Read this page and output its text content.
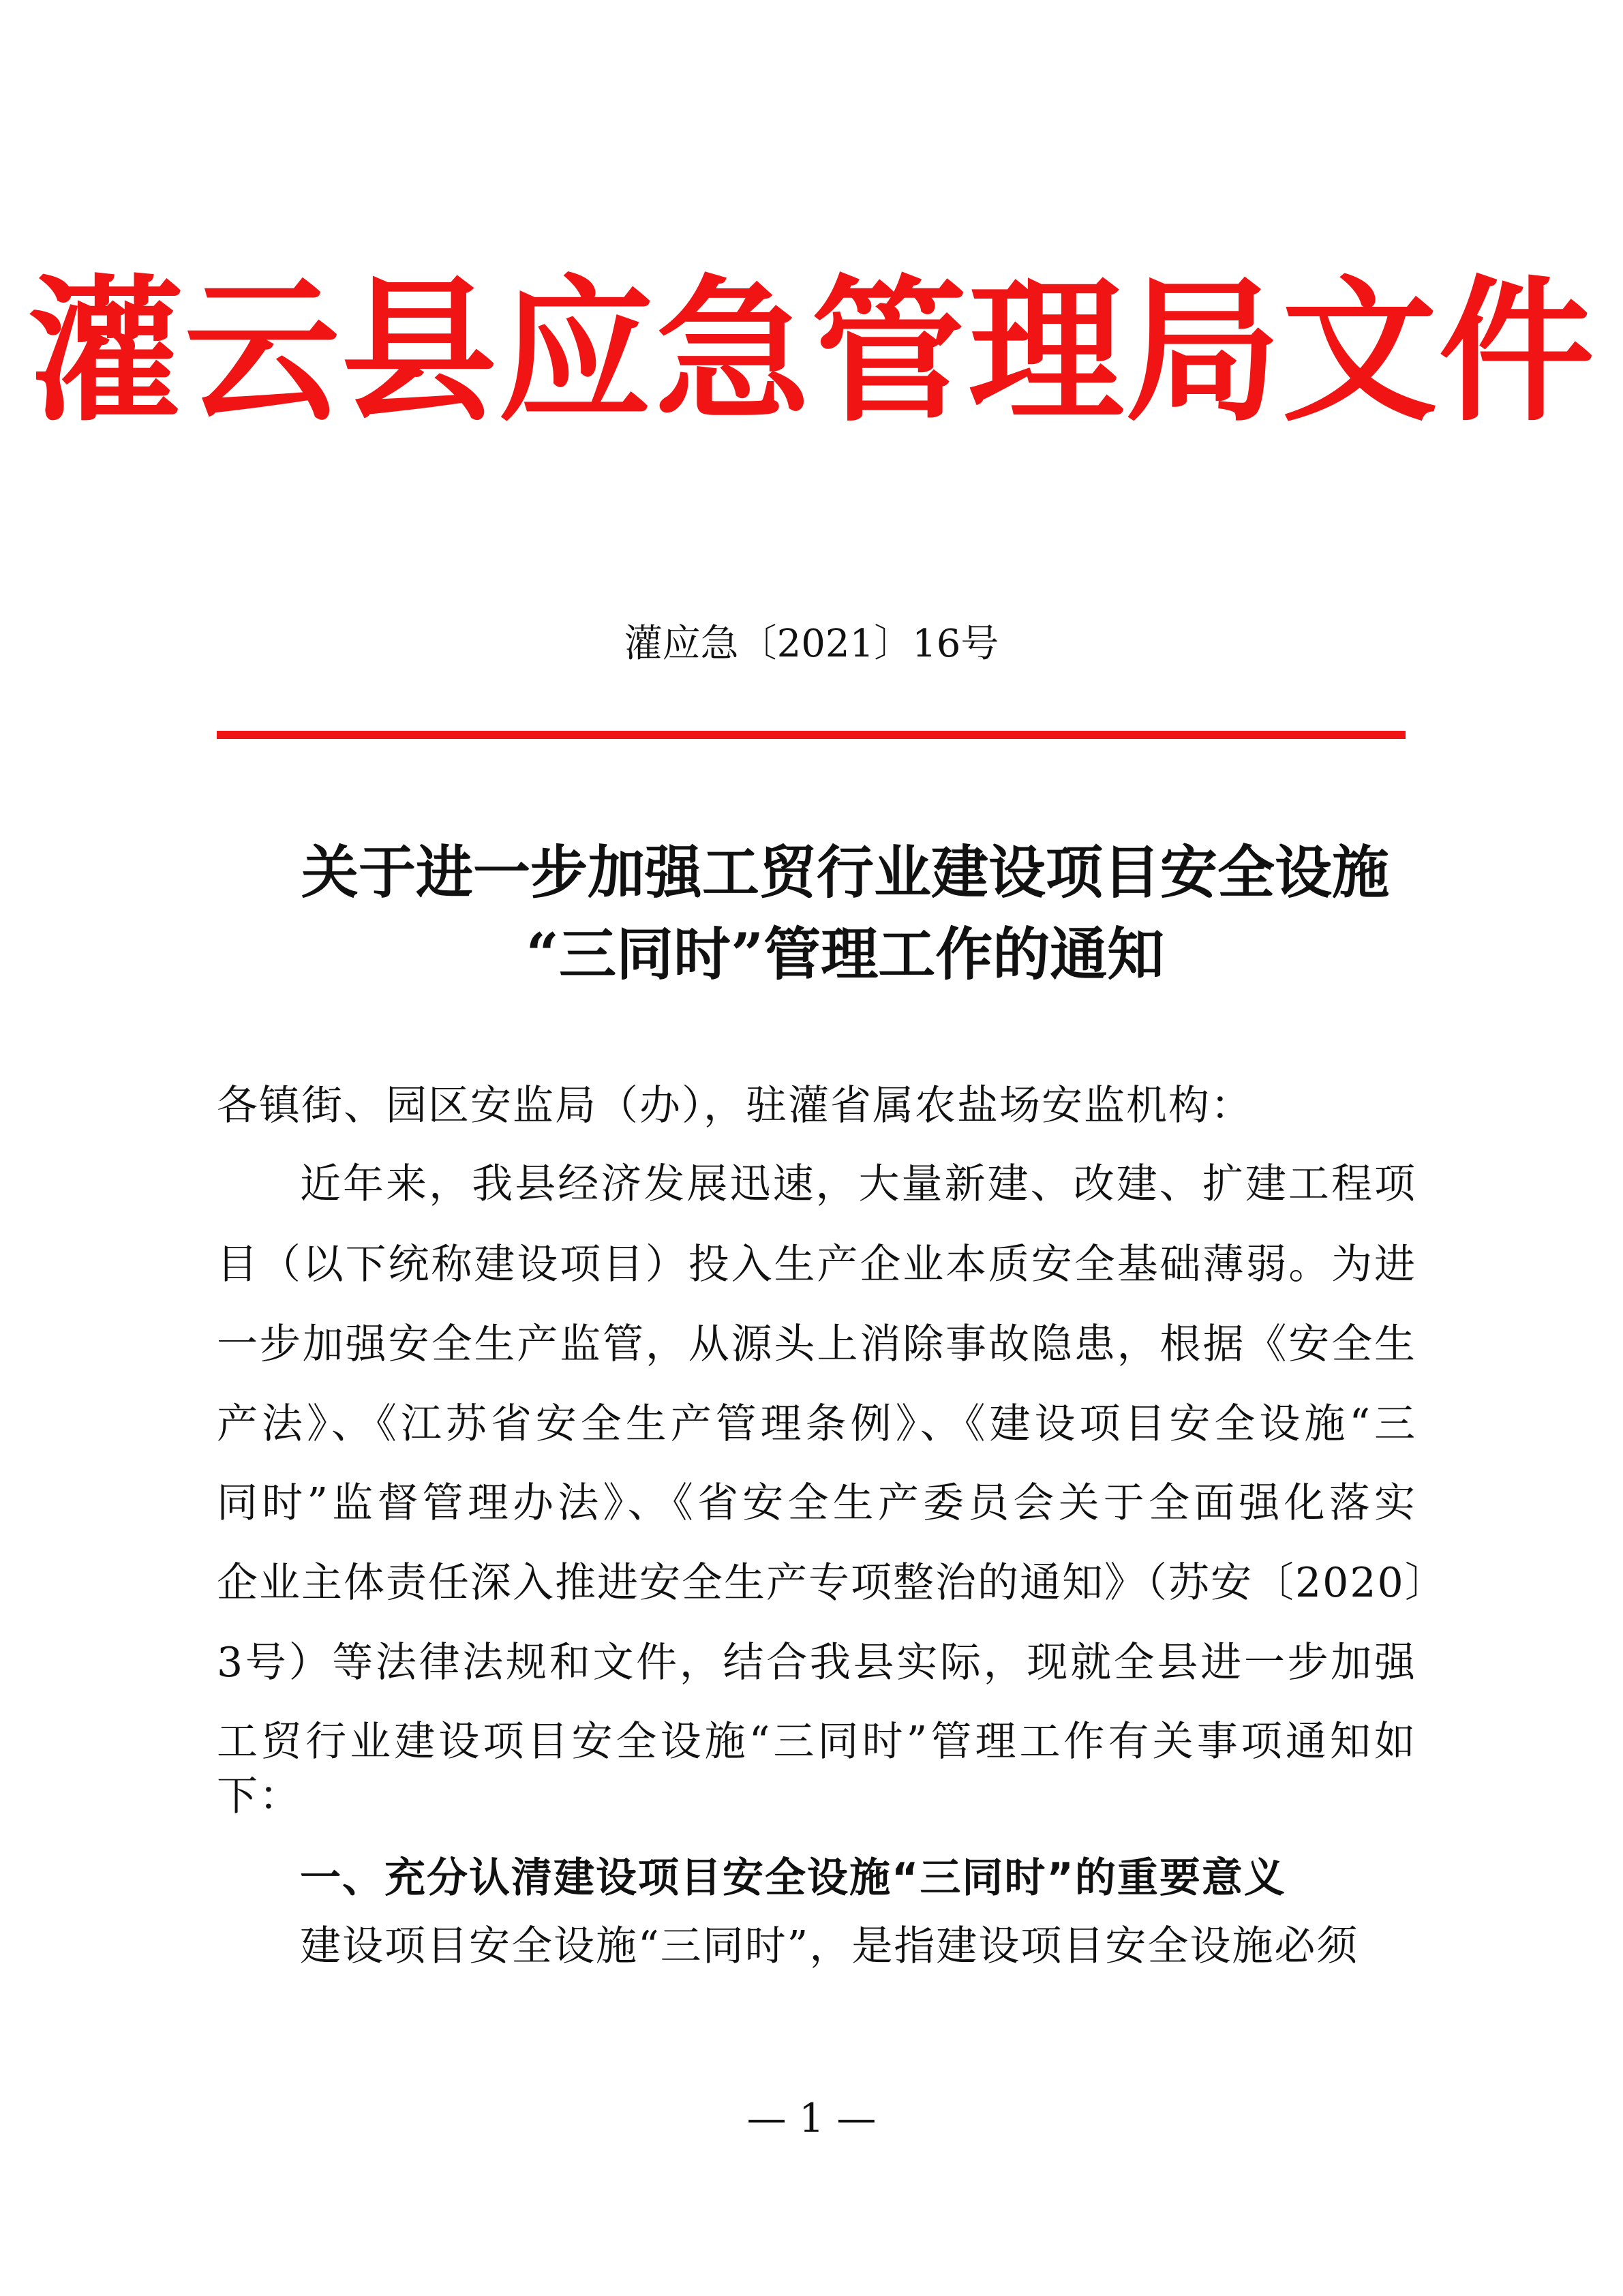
灌云县应急管理局文件
灌应急〔2021〕16号
关于进一步加强工贸行业建设项目安全设施
“三同时”管理工作的通知
各镇街、园区安监局（办），驻灌省属农盐场安监机构：
近年来，我县经济发展迅速，大量新建、改建、扩建工程项
目（以下统称建设项目）投入生产企业本质安全基础薄弱。为进
一步加强安全生产监管，从源头上消除事故隐患，根据《安全生
产法》、《江苏省安全生产管理条例》、《建设项目安全设施“三
同时”监督管理办法》、《省安全生产委员会关于全面强化落实
企业主体责任深入推进安全生产专项整治的通知》（苏安〔2020〕
3号）等法律法规和文件，结合我县实际，现就全县进一步加强
工贸行业建设项目安全设施“三同时”管理工作有关事项通知如
下：
一、充分认清建设项目安全设施“三同时”的重要意义
建设项目安全设施“三同时”，是指建设项目安全设施必须
— 1 —
